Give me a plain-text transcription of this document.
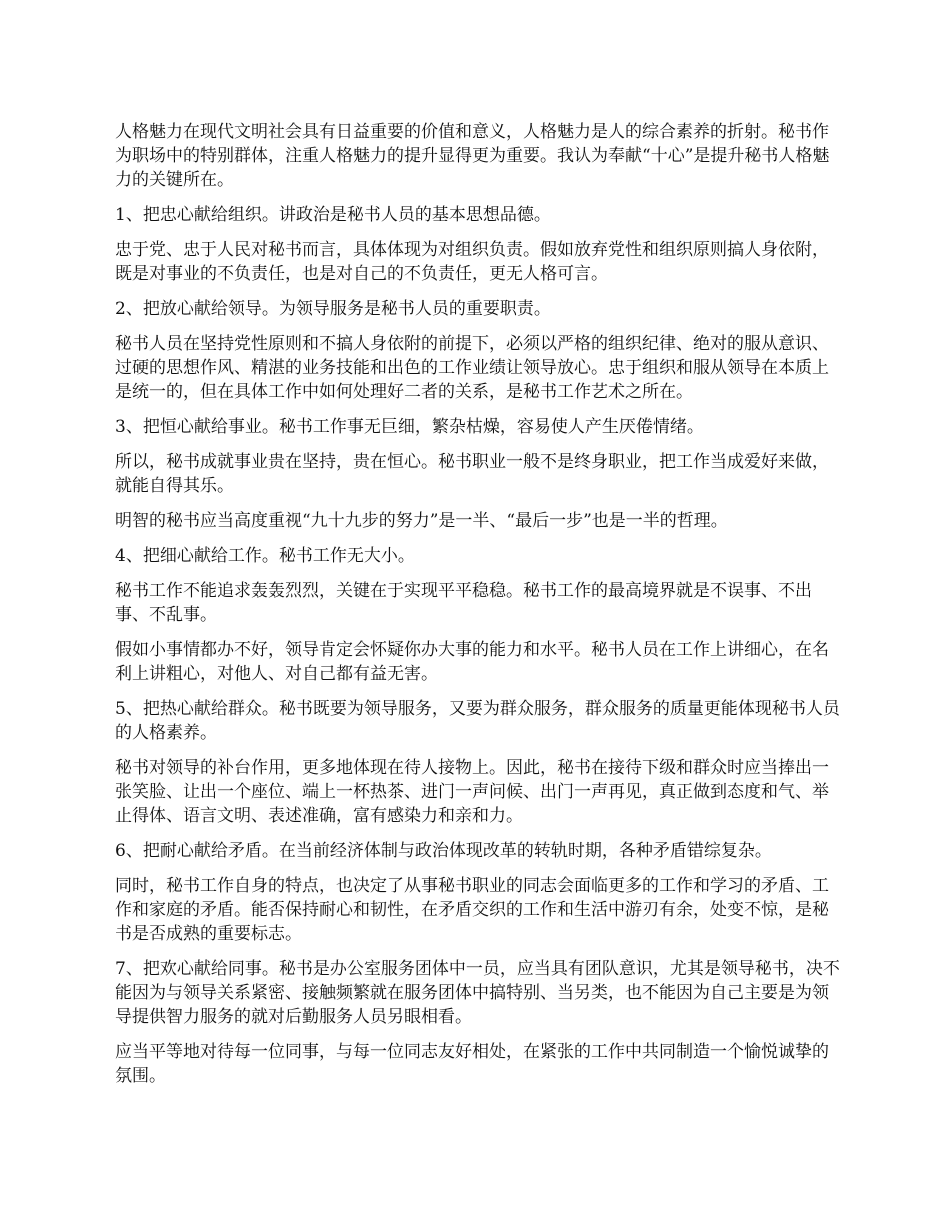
人格魅力在现代文明社会具有日益重要的价值和意义，人格魅力是人的综合素养的折射。秘书作为职场中的特别群体，注重人格魅力的提升显得更为重要。我认为奉献“十心”是提升秘书人格魅力的关键所在。

1、把忠心献给组织。讲政治是秘书人员的基本思想品德。

忠于党、忠于人民对秘书而言，具体体现为对组织负责。假如放弃党性和组织原则搞人身依附，既是对事业的不负责任，也是对自己的不负责任，更无人格可言。

2、把放心献给领导。为领导服务是秘书人员的重要职责。

秘书人员在坚持党性原则和不搞人身依附的前提下，必须以严格的组织纪律、绝对的服从意识、过硬的思想作风、精湛的业务技能和出色的工作业绩让领导放心。忠于组织和服从领导在本质上是统一的，但在具体工作中如何处理好二者的关系，是秘书工作艺术之所在。

3、把恒心献给事业。秘书工作事无巨细，繁杂枯燥，容易使人产生厌倦情绪。

所以，秘书成就事业贵在坚持，贵在恒心。秘书职业一般不是终身职业，把工作当成爱好来做，就能自得其乐。

明智的秘书应当高度重视“九十九步的努力”是一半、“最后一步”也是一半的哲理。

4、把细心献给工作。秘书工作无大小。

秘书工作不能追求轰轰烈烈，关键在于实现平平稳稳。秘书工作的最高境界就是不误事、不出事、不乱事。

假如小事情都办不好，领导肯定会怀疑你办大事的能力和水平。秘书人员在工作上讲细心，在名利上讲粗心，对他人、对自己都有益无害。

5、把热心献给群众。秘书既要为领导服务，又要为群众服务，群众服务的质量更能体现秘书人员的人格素养。

秘书对领导的补台作用，更多地体现在待人接物上。因此，秘书在接待下级和群众时应当捧出一张笑脸、让出一个座位、端上一杯热茶、进门一声问候、出门一声再见，真正做到态度和气、举止得体、语言文明、表述准确，富有感染力和亲和力。

6、把耐心献给矛盾。在当前经济体制与政治体现改革的转轨时期，各种矛盾错综复杂。

同时，秘书工作自身的特点，也决定了从事秘书职业的同志会面临更多的工作和学习的矛盾、工作和家庭的矛盾。能否保持耐心和韧性，在矛盾交织的工作和生活中游刃有余，处变不惊，是秘书是否成熟的重要标志。

7、把欢心献给同事。秘书是办公室服务团体中一员，应当具有团队意识，尤其是领导秘书，决不能因为与领导关系紧密、接触频繁就在服务团体中搞特别、当另类，也不能因为自己主要是为领导提供智力服务的就对后勤服务人员另眼相看。

应当平等地对待每一位同事，与每一位同志友好相处，在紧张的工作中共同制造一个愉悦诚挚的氛围。
